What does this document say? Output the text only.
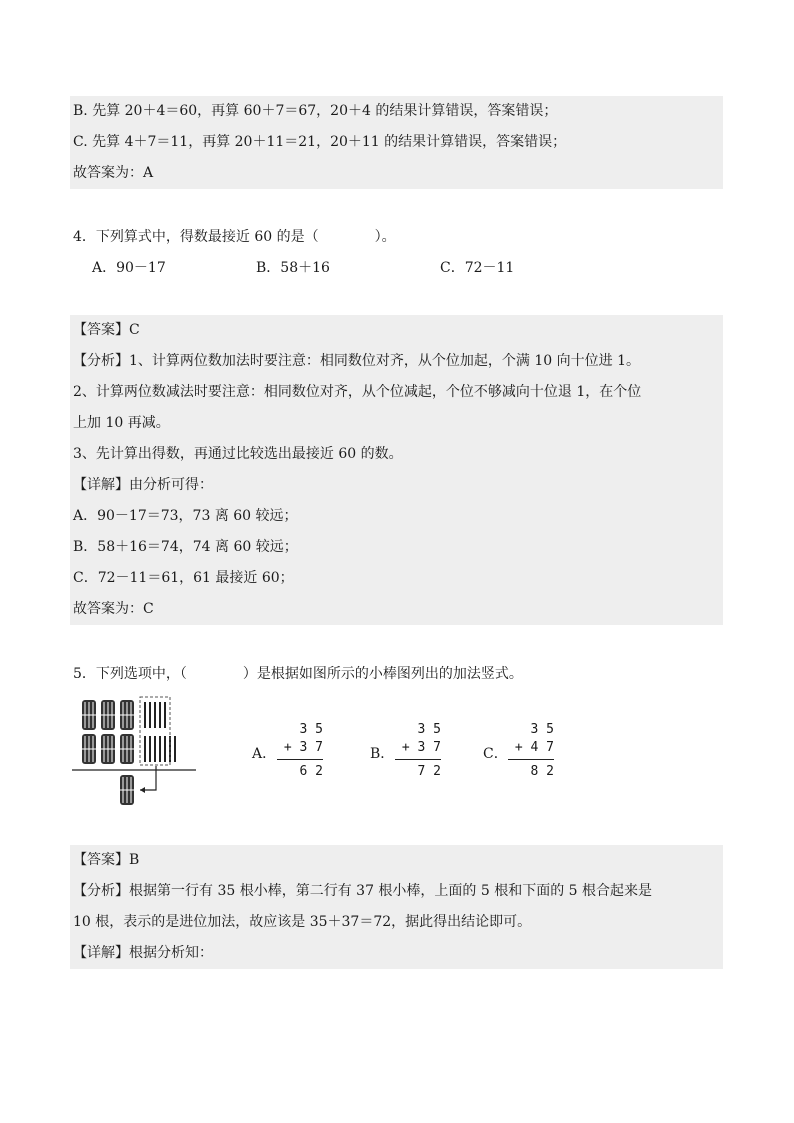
B. 先算 20＋4＝60，再算 60＋7＝67，20＋4 的结果计算错误，答案错误；
C. 先算 4＋7＝11，再算 20＋11＝21，20＋11 的结果计算错误，答案错误；
故答案为：A
4．下列算式中，得数最接近 60 的是（　　　　）。
A．90－17	B．58＋16	C．72－11
【答案】C
【分析】1、计算两位数加法时要注意：相同数位对齐，从个位加起，个满 10 向十位进 1。
2、计算两位数减法时要注意：相同数位对齐，从个位减起，个位不够减向十位退 1，在个位
上加 10 再减。
3、先计算出得数，再通过比较选出最接近 60 的数。
【详解】由分析可得：
A．90－17＝73，73 离 60 较远；
B．58＋16＝74，74 离 60 较远；
C．72－11＝61，61 最接近 60；
故答案为：C
5．下列选项中，（　　　　）是根据如图所示的小棒图列出的加法竖式。
A．
3 5
+ 3 7
6 2
B．
3 5
+ 3 7
7 2
C．
3 5
+ 4 7
8 2
【答案】B
【分析】根据第一行有 35 根小棒，第二行有 37 根小棒，上面的 5 根和下面的 5 根合起来是
10 根，表示的是进位加法，故应该是 35＋37＝72，据此得出结论即可。
【详解】根据分析知：
